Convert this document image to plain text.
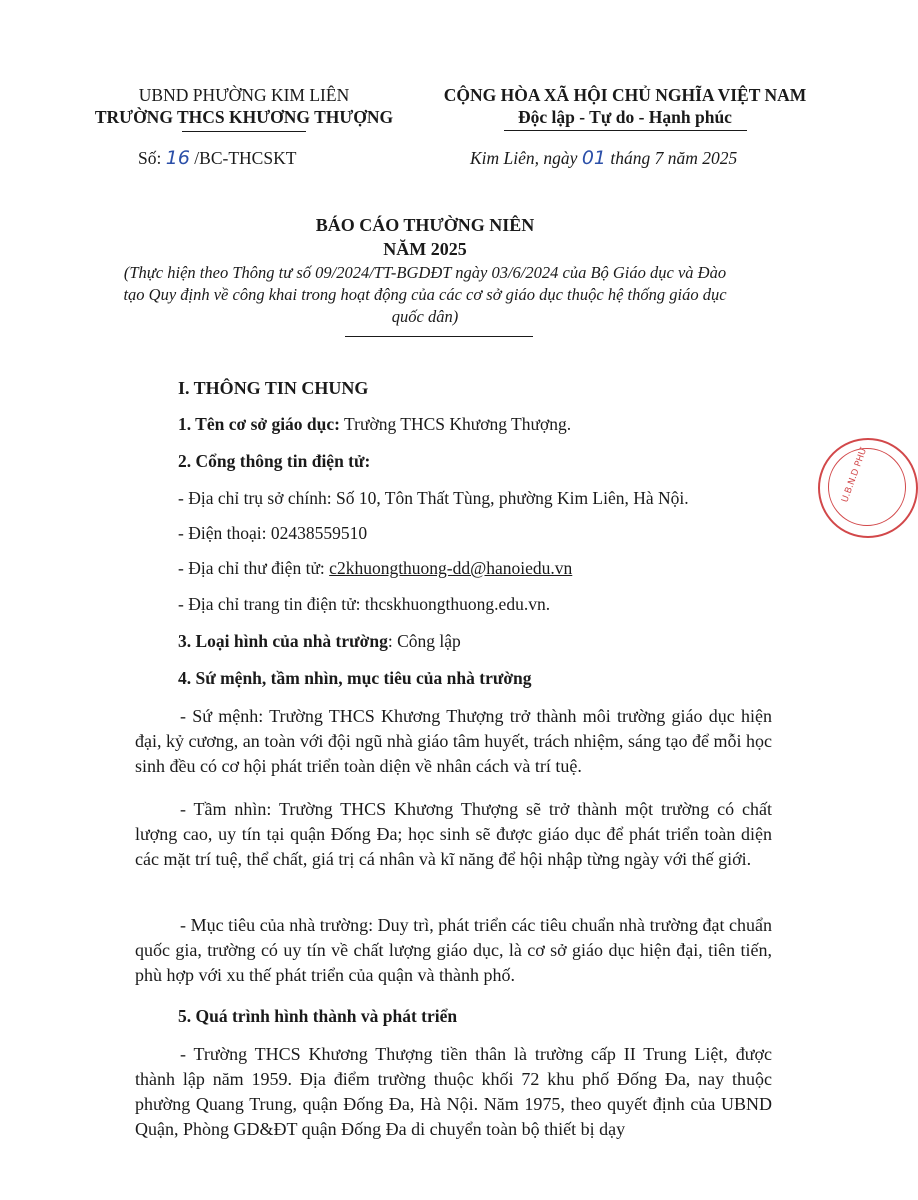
UBND PHƯỜNG KIM LIÊN
TRƯỜNG THCS KHƯƠNG THƯỢNG
CỘNG HÒA XÃ HỘI CHỦ NGHĨA VIỆT NAM
Độc lập - Tự do - Hạnh phúc
Số: 16 /BC-THCSKT	Kim Liên, ngày 01 tháng 7 năm 2025
BÁO CÁO THƯỜNG NIÊN
NĂM 2025
(Thực hiện theo Thông tư số 09/2024/TT-BGDĐT ngày 03/6/2024 của Bộ Giáo dục và Đào tạo Quy định về công khai trong hoạt động của các cơ sở giáo dục thuộc hệ thống giáo dục quốc dân)
I. THÔNG TIN CHUNG
1. Tên cơ sở giáo dục: Trường THCS Khương Thượng.
2. Cổng thông tin điện tử:
- Địa chỉ trụ sở chính: Số 10, Tôn Thất Tùng, phường Kim Liên, Hà Nội.
- Điện thoại: 02438559510
- Địa chỉ thư điện tử: c2khuongthuong-dd@hanoiedu.vn
- Địa chỉ trang tin điện tử: thcskhuongthuong.edu.vn.
3. Loại hình của nhà trường: Công lập
4. Sứ mệnh, tầm nhìn, mục tiêu của nhà trường
- Sứ mệnh: Trường THCS Khương Thượng trở thành môi trường giáo dục hiện đại, kỷ cương, an toàn với đội ngũ nhà giáo tâm huyết, trách nhiệm, sáng tạo để mỗi học sinh đều có cơ hội phát triển toàn diện về nhân cách và trí tuệ.
- Tầm nhìn: Trường THCS Khương Thượng sẽ trở thành một trường có chất lượng cao, uy tín tại quận Đống Đa; học sinh sẽ được giáo dục để phát triển toàn diện các mặt trí tuệ, thể chất, giá trị cá nhân và kĩ năng để hội nhập từng ngày với thế giới.
- Mục tiêu của nhà trường: Duy trì, phát triển các tiêu chuẩn nhà trường đạt chuẩn quốc gia, trường có uy tín về chất lượng giáo dục, là cơ sở giáo dục hiện đại, tiên tiến, phù hợp với xu thế phát triển của quận và thành phố.
5. Quá trình hình thành và phát triển
- Trường THCS Khương Thượng tiền thân là trường cấp II Trung Liệt, được thành lập năm 1959. Địa điểm trường thuộc khối 72 khu phố Đống Đa, nay thuộc phường Quang Trung, quận Đống Đa, Hà Nội. Năm 1975, theo quyết định của UBND Quận, Phòng GD&ĐT quận Đống Đa di chuyển toàn bộ thiết bị dạy
U.B.N.D PHƯ
